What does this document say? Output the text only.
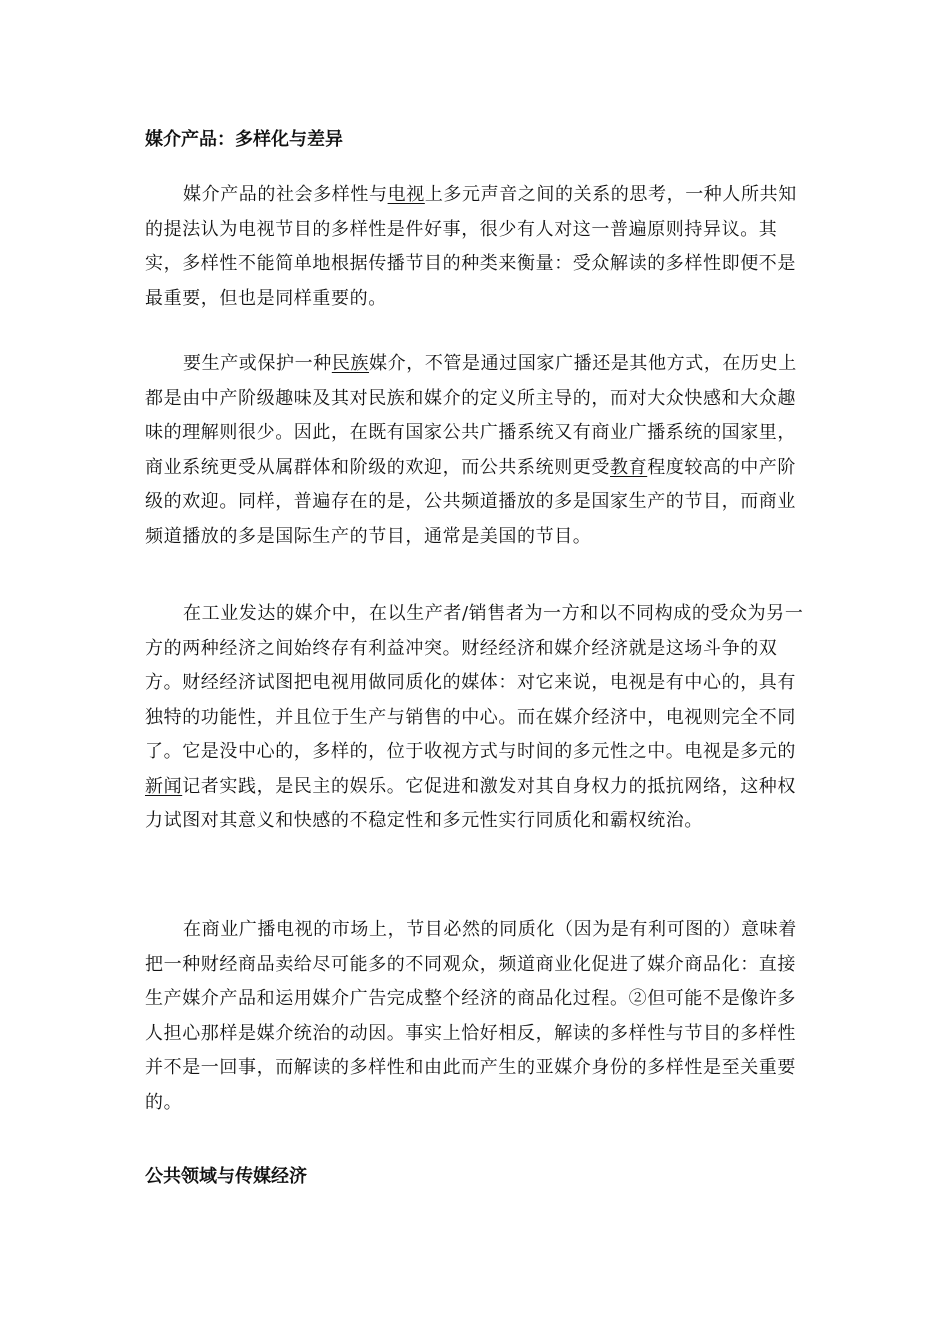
媒介产品：多样化与差异

媒介产品的社会多样性与电视上多元声音之间的关系的思考，一种人所共知的提法认为电视节目的多样性是件好事，很少有人对这一普遍原则持异议。其实，多样性不能简单地根据传播节目的种类来衡量：受众解读的多样性即便不是最重要，但也是同样重要的。

要生产或保护一种民族媒介，不管是通过国家广播还是其他方式，在历史上都是由中产阶级趣味及其对民族和媒介的定义所主导的，而对大众快感和大众趣味的理解则很少。因此，在既有国家公共广播系统又有商业广播系统的国家里，商业系统更受从属群体和阶级的欢迎，而公共系统则更受教育程度较高的中产阶级的欢迎。同样，普遍存在的是，公共频道播放的多是国家生产的节目，而商业频道播放的多是国际生产的节目，通常是美国的节目。

在工业发达的媒介中，在以生产者/销售者为一方和以不同构成的受众为另一方的两种经济之间始终存有利益冲突。财经经济和媒介经济就是这场斗争的双方。财经经济试图把电视用做同质化的媒体：对它来说，电视是有中心的，具有独特的功能性，并且位于生产与销售的中心。而在媒介经济中，电视则完全不同了。它是没中心的，多样的，位于收视方式与时间的多元性之中。电视是多元的新闻记者实践，是民主的娱乐。它促进和激发对其自身权力的抵抗网络，这种权力试图对其意义和快感的不稳定性和多元性实行同质化和霸权统治。

在商业广播电视的市场上，节目必然的同质化（因为是有利可图的）意味着把一种财经商品卖给尽可能多的不同观众，频道商业化促进了媒介商品化：直接生产媒介产品和运用媒介广告完成整个经济的商品化过程。②但可能不是像许多人担心那样是媒介统治的动因。事实上恰好相反，解读的多样性与节目的多样性并不是一回事，而解读的多样性和由此而产生的亚媒介身份的多样性是至关重要的。

公共领域与传媒经济
